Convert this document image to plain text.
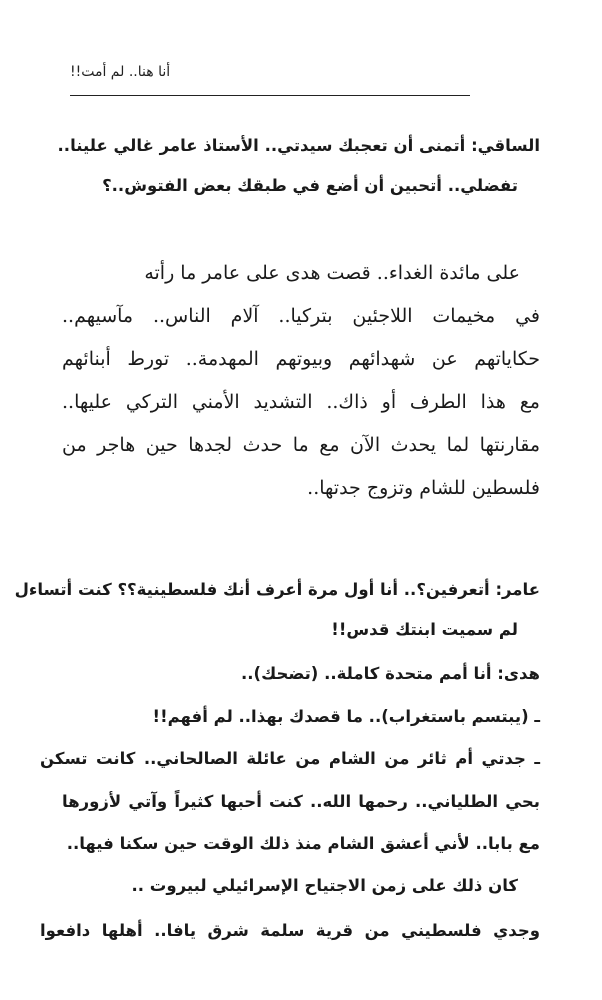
أنا هنا.. لم أمت!!
الساقي: أتمنى أن تعجبك سيدتي.. الأستاذ عامر غالي علينا..
تفضلي.. أتحبين أن أضع في طبقك بعض الفتوش..؟
على مائدة الغداء.. قصت هدى على عامر ما رأته
في مخيمات اللاجئين بتركيا.. آلام الناس.. مآسيهم..
حكاياتهم عن شهدائهم وبيوتهم المهدمة.. تورط أبنائهم
مع هذا الطرف أو ذاك.. التشديد الأمني التركي عليها..
مقارنتها لما يحدث الآن مع ما حدث لجدها حين هاجر من
فلسطين للشام وتزوج جدتها..
عامر: أتعرفين؟.. أنا أول مرة أعرف أنك فلسطينية؟؟ كنت أتساءل
لم سميت ابنتك قدس!!
هدى: أنا أمم متحدة كاملة.. (تضحك)..
ـ (يبتسم باستغراب).. ما قصدك بهذا.. لم أفهم!!
ـ جدتي أم ثائر من الشام من عائلة الصالحاني.. كانت تسكن
بحي الطلياني.. رحمها الله.. كنت أحبها كثيراً وآتي لأزورها
مع بابا.. لأني أعشق الشام منذ ذلك الوقت حين سكنا فيها..
كان ذلك على زمن الاجتياح الإسرائيلي لبيروت ..
وجدي فلسطيني من قرية سلمة شرق يافا.. أهلها دافعوا
